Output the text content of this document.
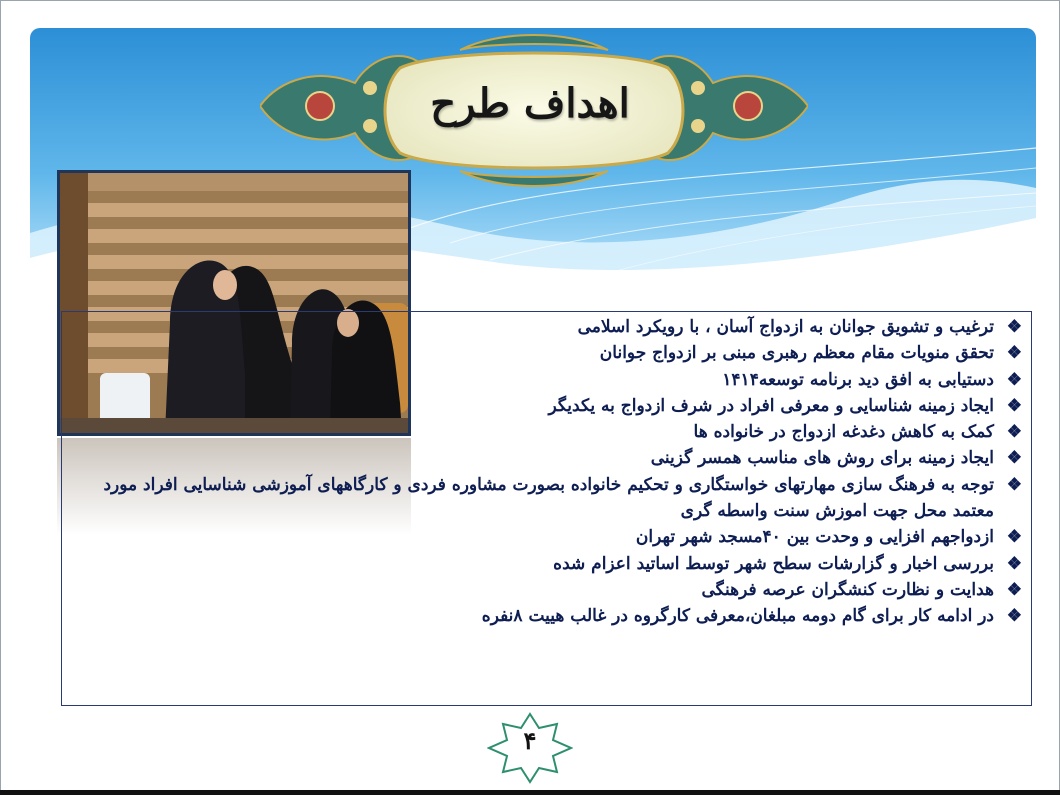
اهداف طرح
❖
ترغیب و تشویق جوانان به ازدواج آسان ، با رویکرد اسلامی
❖
تحقق منویات مقام معظم رهبری مبنی بر ازدواج جوانان
❖
دستیابی به افق دید برنامه توسعه۱۴۱۴
❖
ایجاد زمینه شناسایی و معرفی افراد در شرف ازدواج به یکدیگر
❖
کمک به کاهش دغدغه ازدواج در خانواده ها
❖
ایجاد زمینه برای روش های مناسب همسر گزینی
❖
توجه به فرهنگ سازی مهارتهای خواستگاری و تحکیم خانواده بصورت مشاوره فردی و کارگاههای آموزشی شناسایی افراد مورد معتمد محل جهت اموزش سنت واسطه گری
❖
ازدواجهم افزایی و وحدت بین ۴۰مسجد شهر تهران
❖
بررسی اخبار و گزارشات سطح شهر توسط اساتید اعزام شده
❖
هدایت و نظارت کنشگران عرصه فرهنگی
❖
در ادامه کار برای گام دومه مبلغان،معرفی کارگروه در غالب هییت ۸نفره
۴
